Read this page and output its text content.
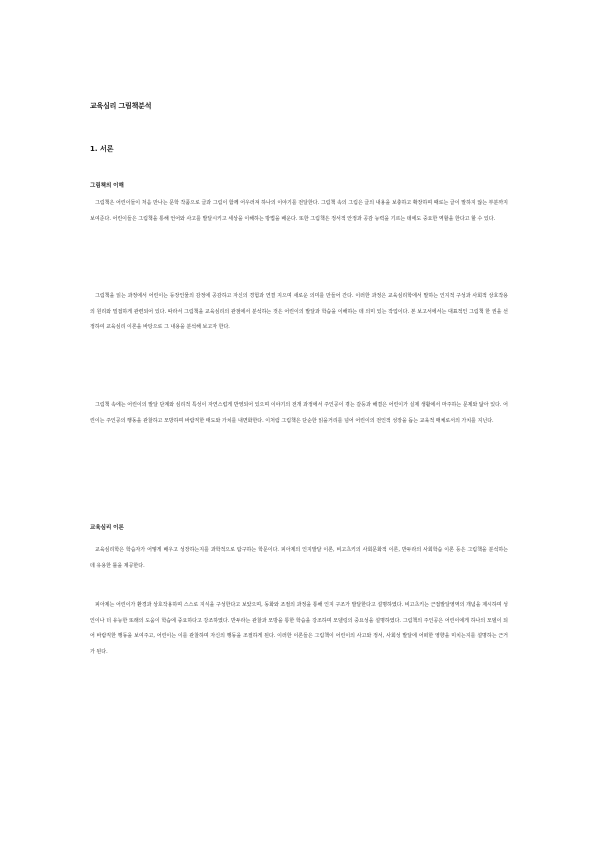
교육심리 그림책분석
1. 서론
그림책의 이해
그림책은 어린이들이 처음 만나는 문학 작품으로 글과 그림이 함께 어우러져 하나의 이야기를 전달한다. 그림책 속의 그림은 글의 내용을 보충하고 확장하며 때로는 글이 말하지 않는 부분까지 보여준다. 어린이들은 그림책을 통해 언어와 사고를 발달시키고 세상을 이해하는 방법을 배운다. 또한 그림책은 정서적 안정과 공감 능력을 기르는 데에도 중요한 역할을 한다고 할 수 있다.
그림책을 읽는 과정에서 어린이는 등장인물의 감정에 공감하고 자신의 경험과 연결 지으며 새로운 의미를 만들어 간다. 이러한 과정은 교육심리학에서 말하는 인지적 구성과 사회적 상호작용의 원리와 밀접하게 관련되어 있다. 따라서 그림책을 교육심리의 관점에서 분석하는 것은 어린이의 발달과 학습을 이해하는 데 의미 있는 작업이다. 본 보고서에서는 대표적인 그림책 한 권을 선정하여 교육심리 이론을 바탕으로 그 내용을 분석해 보고자 한다.
그림책 속에는 어린이의 발달 단계와 심리적 특성이 자연스럽게 반영되어 있으며 이야기의 전개 과정에서 주인공이 겪는 갈등과 해결은 어린이가 실제 생활에서 마주하는 문제와 닮아 있다. 어린이는 주인공의 행동을 관찰하고 모방하며 바람직한 태도와 가치를 내면화한다. 이처럼 그림책은 단순한 읽을거리를 넘어 어린이의 전인적 성장을 돕는 교육적 매체로서의 가치를 지닌다.
교육심리 이론
교육심리학은 학습자가 어떻게 배우고 성장하는지를 과학적으로 탐구하는 학문이다. 피아제의 인지발달 이론, 비고츠키의 사회문화적 이론, 반두라의 사회학습 이론 등은 그림책을 분석하는 데 유용한 틀을 제공한다.
피아제는 어린이가 환경과 상호작용하며 스스로 지식을 구성한다고 보았으며, 동화와 조절의 과정을 통해 인지 구조가 발달한다고 설명하였다. 비고츠키는 근접발달영역의 개념을 제시하며 성인이나 더 유능한 또래의 도움이 학습에 중요하다고 강조하였다. 반두라는 관찰과 모방을 통한 학습을 강조하며 모델링의 중요성을 설명하였다. 그림책의 주인공은 어린이에게 하나의 모델이 되어 바람직한 행동을 보여주고, 어린이는 이를 관찰하며 자신의 행동을 조절하게 된다. 이러한 이론들은 그림책이 어린이의 사고와 정서, 사회성 발달에 어떠한 영향을 미치는지를 설명하는 근거가 된다.
